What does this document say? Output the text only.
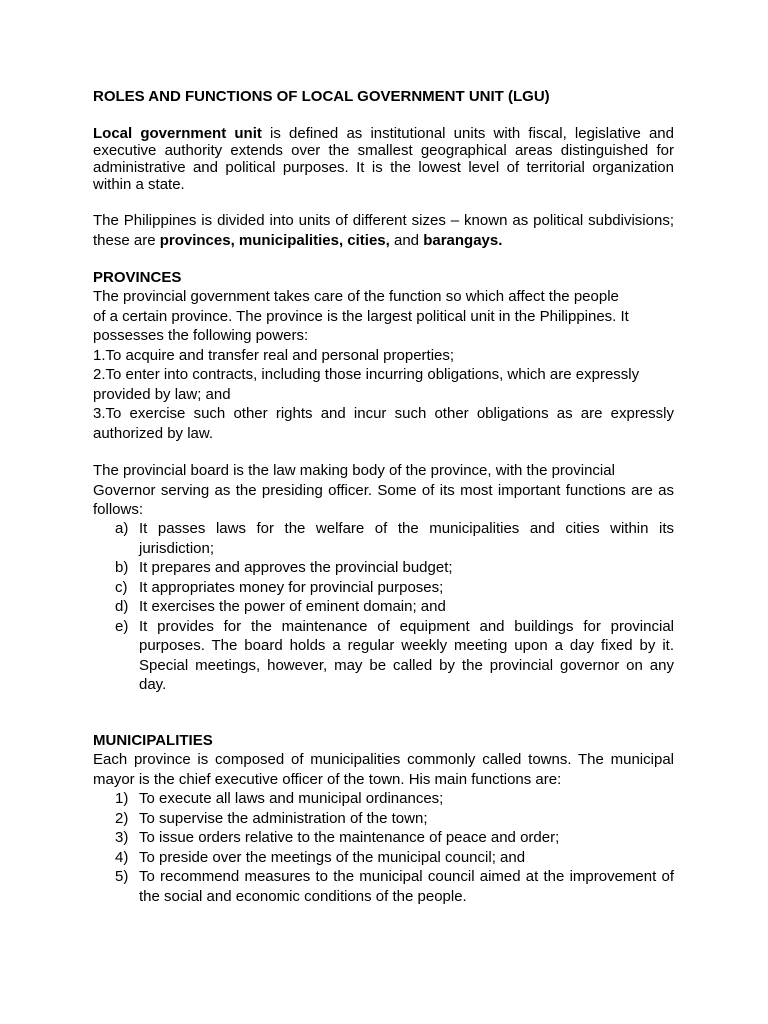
ROLES AND FUNCTIONS OF LOCAL GOVERNMENT UNIT (LGU)

Local government unit is defined as institutional units with fiscal, legislative and executive authority extends over the smallest geographical areas distinguished for administrative and political purposes. It is the lowest level of territorial organization within a state.

The Philippines is divided into units of different sizes – known as political subdivisions; these are provinces, municipalities, cities, and barangays.

PROVINCES

The provincial government takes care of the function so which affect the people

of a certain province. The province is the largest political unit in the Philippines. It

possesses the following powers:

1.To acquire and transfer real and personal properties;

2.To enter into contracts, including those incurring obligations, which are expressly

provided by law; and

3.To exercise such other rights and incur such other obligations as are expressly authorized by law.

The provincial board is the law making body of the province, with the provincial

Governor serving as the presiding officer. Some of its most important functions are as follows:

a) It passes laws for the welfare of the municipalities and cities within its jurisdiction;
b) It prepares and approves the provincial budget;
c) It appropriates money for provincial purposes;
d) It exercises the power of eminent domain; and
e) It provides for the maintenance of equipment and buildings for provincial purposes. The board holds a regular weekly meeting upon a day fixed by it. Special meetings, however, may be called by the provincial governor on any day.
MUNICIPALITIES

Each province is composed of municipalities commonly called towns. The municipal mayor is the chief executive officer of the town. His main functions are:

1) To execute all laws and municipal ordinances;
2) To supervise the administration of the town;
3) To issue orders relative to the maintenance of peace and order;
4) To preside over the meetings of the municipal council; and
5) To recommend measures to the municipal council aimed at the improvement of the social and economic conditions of the people.
